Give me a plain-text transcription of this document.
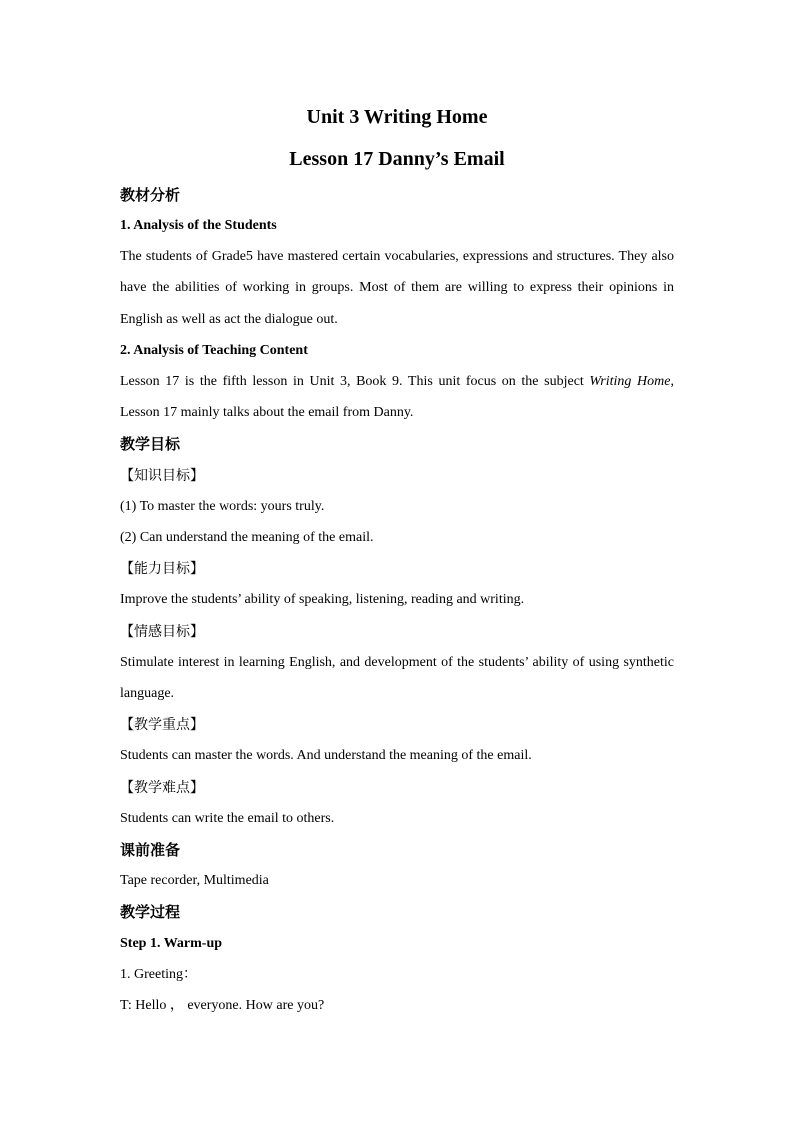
Unit 3 Writing Home
Lesson 17 Danny’s Email
教材分析
1. Analysis of the Students
The students of Grade5 have mastered certain vocabularies, expressions and structures. They also
have the abilities of working in groups. Most of them are willing to express their opinions in
English as well as act the dialogue out.
2. Analysis of Teaching Content
Lesson 17 is the fifth lesson in Unit 3, Book 9. This unit focus on the subject Writing Home,
Lesson 17 mainly talks about the email from Danny.
教学目标
【知识目标】
(1) To master the words: yours truly.
(2) Can understand the meaning of the email.
【能力目标】
Improve the students’ ability of speaking, listening, reading and writing.
【情感目标】
Stimulate interest in learning English, and development of the students’ ability of using synthetic
language.
【教学重点】
Students can master the words. And understand the meaning of the email.
【教学难点】
Students can write the email to others.
课前准备
Tape recorder, Multimedia
教学过程
Step 1. Warm-up
1. Greeting：
T: Hello ， everyone. How are you?
